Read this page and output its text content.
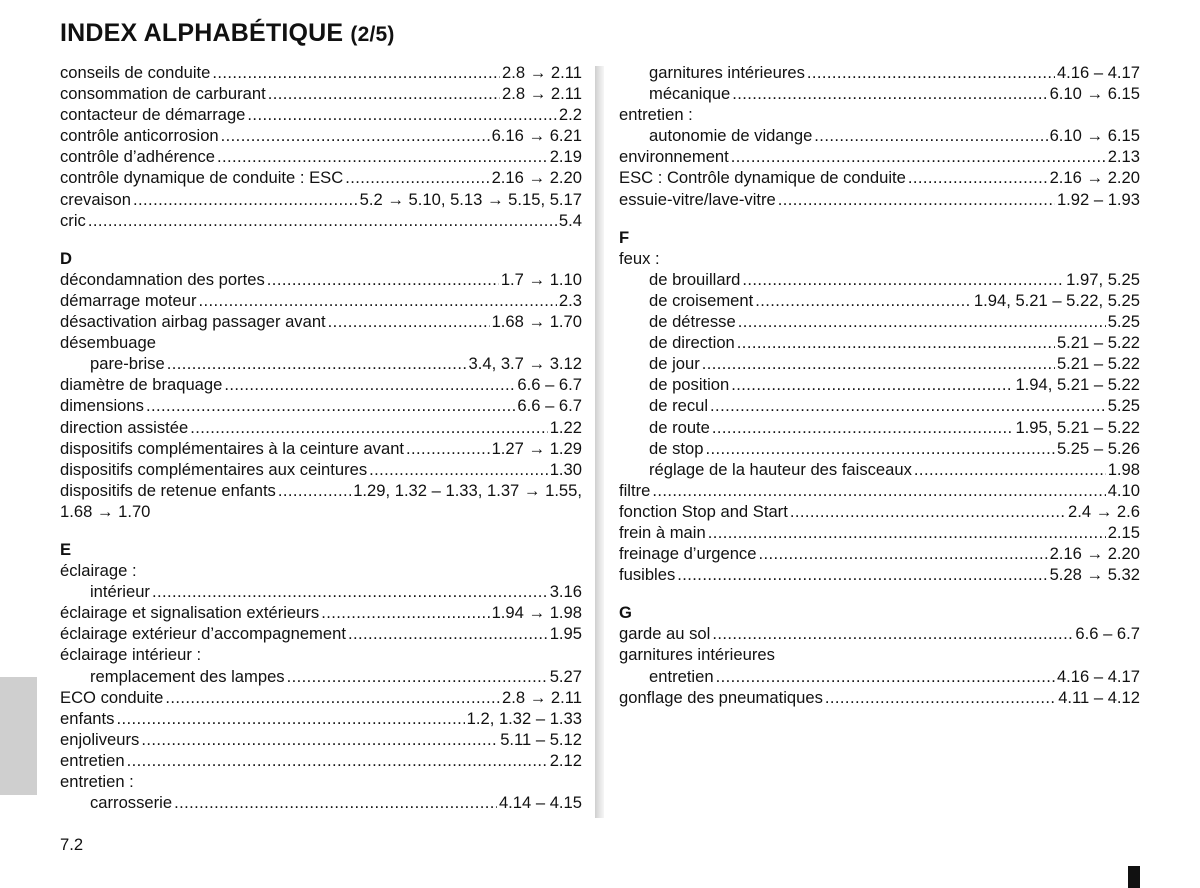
INDEX ALPHABÉTIQUE (2/5)
conseils de conduite .....	2.8 → 2.11
consommation de carburant .....	2.8 → 2.11
contacteur de démarrage .....	2.2
contrôle anticorrosion .....	6.16 → 6.21
contrôle d’adhérence .....	2.19
contrôle dynamique de conduite : ESC .....	2.16 → 2.20
crevaison .....	5.2 → 5.10, 5.13 → 5.15, 5.17
cric .....	5.4
D
décondamnation des portes .....	1.7 → 1.10
démarrage moteur .....	2.3
désactivation airbag passager avant .....	1.68 → 1.70
désembuage
pare-brise .....	3.4, 3.7 → 3.12
diamètre de braquage .....	6.6 – 6.7
dimensions .....	6.6 – 6.7
direction assistée .....	1.22
dispositifs complémentaires à la ceinture avant .....	1.27 → 1.29
dispositifs complémentaires aux ceintures .....	1.30
dispositifs de retenue enfants .....	1.29, 1.32 – 1.33, 1.37 → 1.55,
1.68 → 1.70
E
éclairage :
intérieur .....	3.16
éclairage et signalisation extérieurs .....	1.94 → 1.98
éclairage extérieur d’accompagnement .....	1.95
éclairage intérieur :
remplacement des lampes .....	5.27
ECO conduite .....	2.8 → 2.11
enfants .....	1.2, 1.32 – 1.33
enjoliveurs .....	5.11 – 5.12
entretien .....	2.12
entretien :
carrosserie .....	4.14 – 4.15
garnitures intérieures .....	4.16 – 4.17
mécanique .....	6.10 → 6.15
entretien :
autonomie de vidange .....	6.10 → 6.15
environnement .....	2.13
ESC : Contrôle dynamique de conduite .....	2.16 → 2.20
essuie-vitre/lave-vitre .....	1.92 – 1.93
F
feux :
de brouillard .....	1.97, 5.25
de croisement .....	1.94, 5.21 – 5.22, 5.25
de détresse .....	5.25
de direction .....	5.21 – 5.22
de jour .....	5.21 – 5.22
de position .....	1.94, 5.21 – 5.22
de recul .....	5.25
de route .....	1.95, 5.21 – 5.22
de stop .....	5.25 – 5.26
réglage de la hauteur des faisceaux .....	1.98
filtre .....	4.10
fonction Stop and Start .....	2.4 → 2.6
frein à main .....	2.15
freinage d’urgence .....	2.16 → 2.20
fusibles .....	5.28 → 5.32
G
garde au sol .....	6.6 – 6.7
garnitures intérieures
entretien .....	4.16 – 4.17
gonflage des pneumatiques .....	4.11 – 4.12
7.2
